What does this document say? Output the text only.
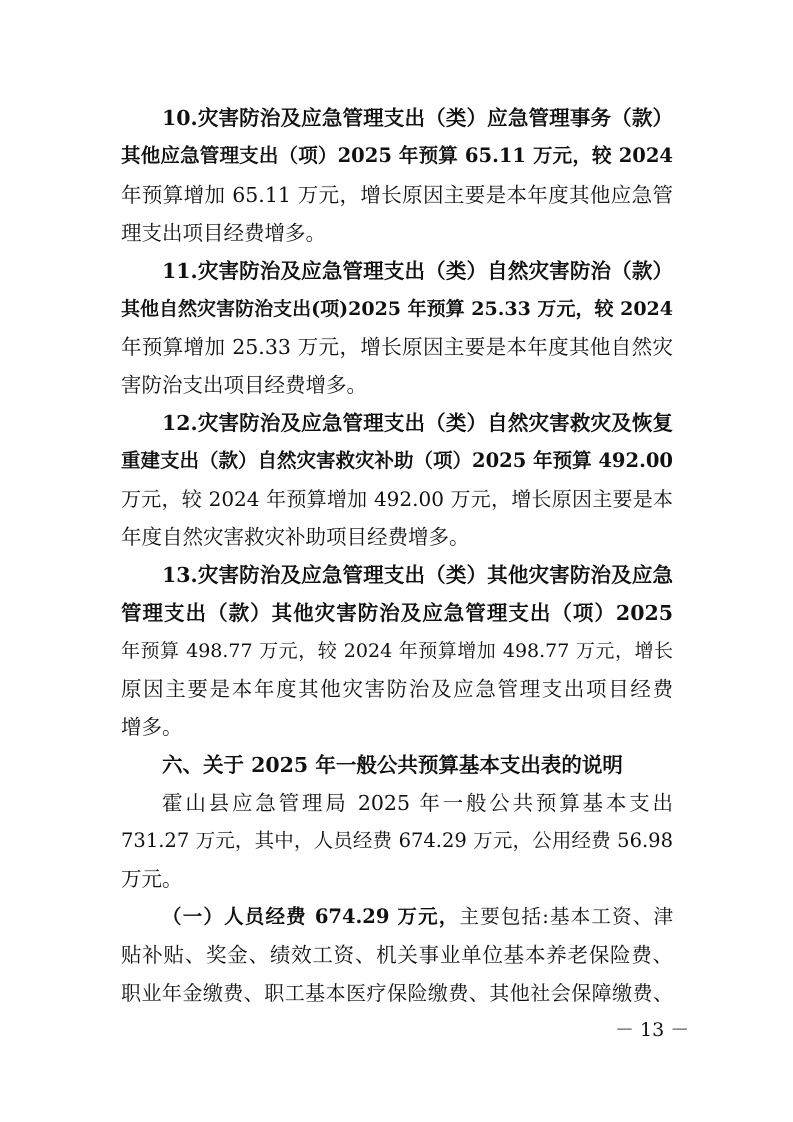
10.灾害防治及应急管理支出（类）应急管理事务（款）
其他应急管理支出（项）2025 年预算 65.11 万元，较 2024
年预算增加 65.11 万元，增长原因主要是本年度其他应急管
理支出项目经费增多。
11.灾害防治及应急管理支出（类）自然灾害防治（款）
其他自然灾害防治支出(项)2025 年预算 25.33 万元，较 2024
年预算增加 25.33 万元，增长原因主要是本年度其他自然灾
害防治支出项目经费增多。
12.灾害防治及应急管理支出（类）自然灾害救灾及恢复
重建支出（款）自然灾害救灾补助（项）2025 年预算 492.00
万元，较 2024 年预算增加 492.00 万元，增长原因主要是本
年度自然灾害救灾补助项目经费增多。
13.灾害防治及应急管理支出（类）其他灾害防治及应急
管理支出（款）其他灾害防治及应急管理支出（项）2025
年预算 498.77 万元，较 2024 年预算增加 498.77 万元，增长
原因主要是本年度其他灾害防治及应急管理支出项目经费
增多。
六、关于 2025 年一般公共预算基本支出表的说明
霍山县应急管理局 2025 年一般公共预算基本支出
731.27 万元，其中，人员经费 674.29 万元，公用经费 56.98
万元。
（一）人员经费 674.29 万元，主要包括:基本工资、津
贴补贴、奖金、绩效工资、机关事业单位基本养老保险费、
职业年金缴费、职工基本医疗保险缴费、其他社会保障缴费、
－ 13 －
